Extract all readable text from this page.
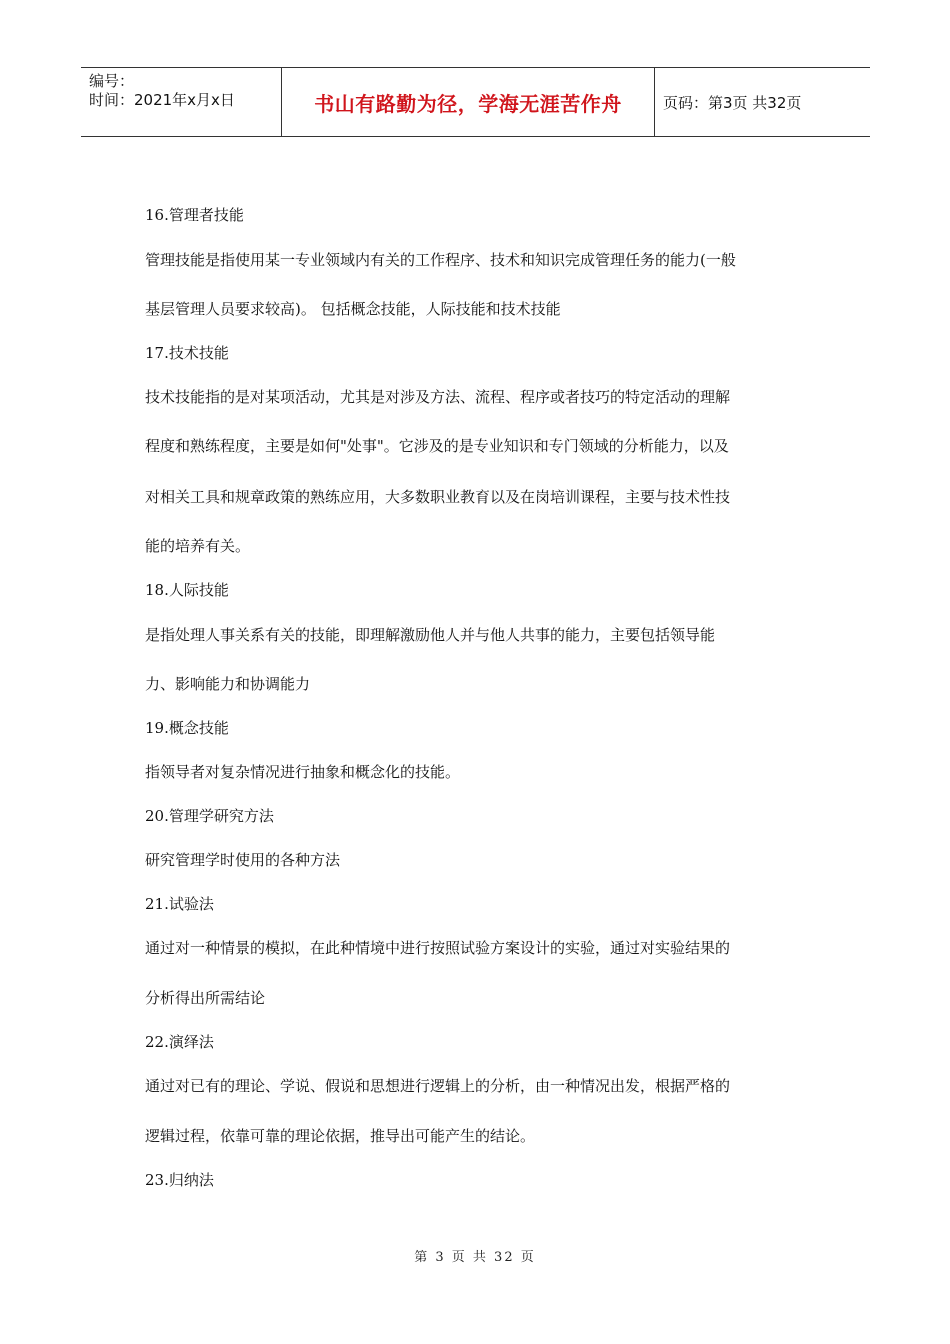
编号：
时间：2021年x月x日	书山有路勤为径，学海无涯苦作舟	页码：第3页 共32页
16.管理者技能
管理技能是指使用某一专业领域内有关的工作程序、技术和知识完成管理任务的能力(一般
基层管理人员要求较高)。 包括概念技能，人际技能和技术技能
17.技术技能
技术技能指的是对某项活动，尤其是对涉及方法、流程、程序或者技巧的特定活动的理解
程度和熟练程度，主要是如何"处事"。它涉及的是专业知识和专门领域的分析能力，以及
对相关工具和规章政策的熟练应用，大多数职业教育以及在岗培训课程，主要与技术性技
能的培养有关。
18.人际技能
是指处理人事关系有关的技能，即理解激励他人并与他人共事的能力，主要包括领导能
力、影响能力和协调能力
19.概念技能
指领导者对复杂情况进行抽象和概念化的技能。
20.管理学研究方法
研究管理学时使用的各种方法
21.试验法
通过对一种情景的模拟，在此种情境中进行按照试验方案设计的实验，通过对实验结果的
分析得出所需结论
22.演绎法
通过对已有的理论、学说、假说和思想进行逻辑上的分析，由一种情况出发，根据严格的
逻辑过程，依靠可靠的理论依据，推导出可能产生的结论。
23.归纳法
第 3 页 共 32 页
